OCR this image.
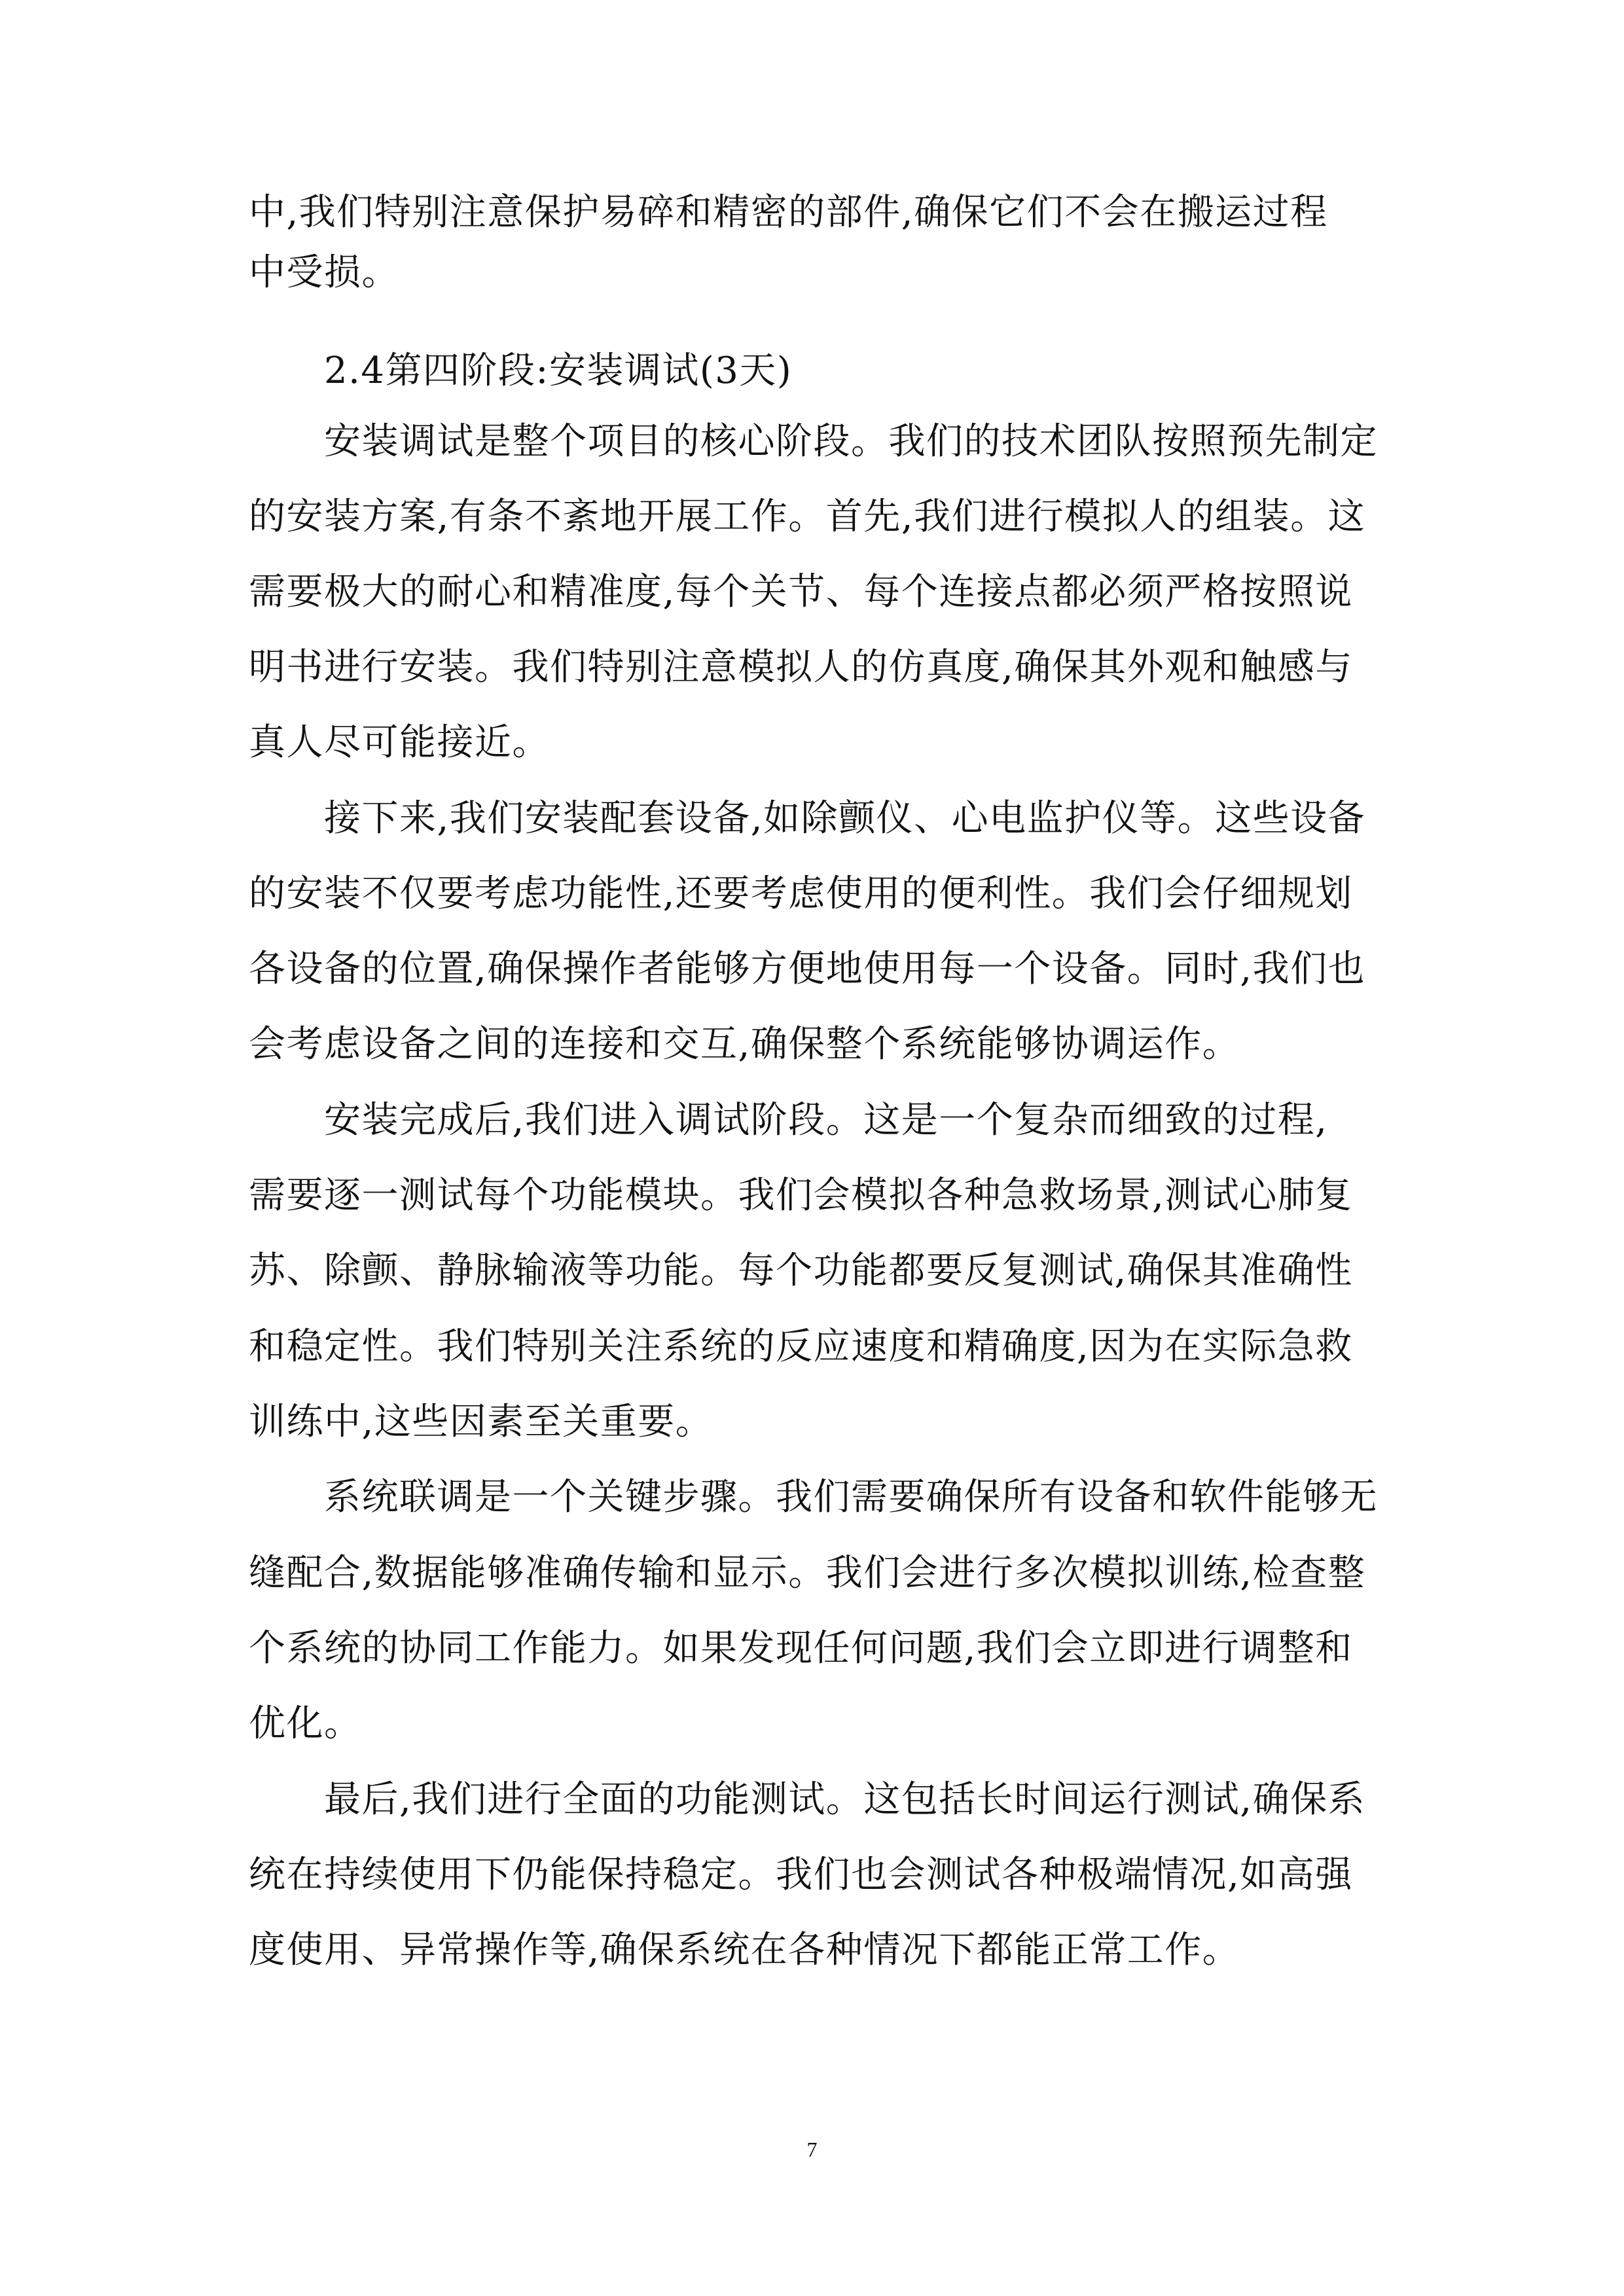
中,我们特别注意保护易碎和精密的部件,确保它们不会在搬运过程
中受损。
2.4第四阶段:安装调试(3天)
安装调试是整个项目的核心阶段。我们的技术团队按照预先制定
的安装方案,有条不紊地开展工作。首先,我们进行模拟人的组装。这
需要极大的耐心和精准度,每个关节、每个连接点都必须严格按照说
明书进行安装。我们特别注意模拟人的仿真度,确保其外观和触感与
真人尽可能接近。
接下来,我们安装配套设备,如除颤仪、心电监护仪等。这些设备
的安装不仅要考虑功能性,还要考虑使用的便利性。我们会仔细规划
各设备的位置,确保操作者能够方便地使用每一个设备。同时,我们也
会考虑设备之间的连接和交互,确保整个系统能够协调运作。
安装完成后,我们进入调试阶段。这是一个复杂而细致的过程,
需要逐一测试每个功能模块。我们会模拟各种急救场景,测试心肺复
苏、除颤、静脉输液等功能。每个功能都要反复测试,确保其准确性
和稳定性。我们特别关注系统的反应速度和精确度,因为在实际急救
训练中,这些因素至关重要。
系统联调是一个关键步骤。我们需要确保所有设备和软件能够无
缝配合,数据能够准确传输和显示。我们会进行多次模拟训练,检查整
个系统的协同工作能力。如果发现任何问题,我们会立即进行调整和
优化。
最后,我们进行全面的功能测试。这包括长时间运行测试,确保系
统在持续使用下仍能保持稳定。我们也会测试各种极端情况,如高强
度使用、异常操作等,确保系统在各种情况下都能正常工作。
7
